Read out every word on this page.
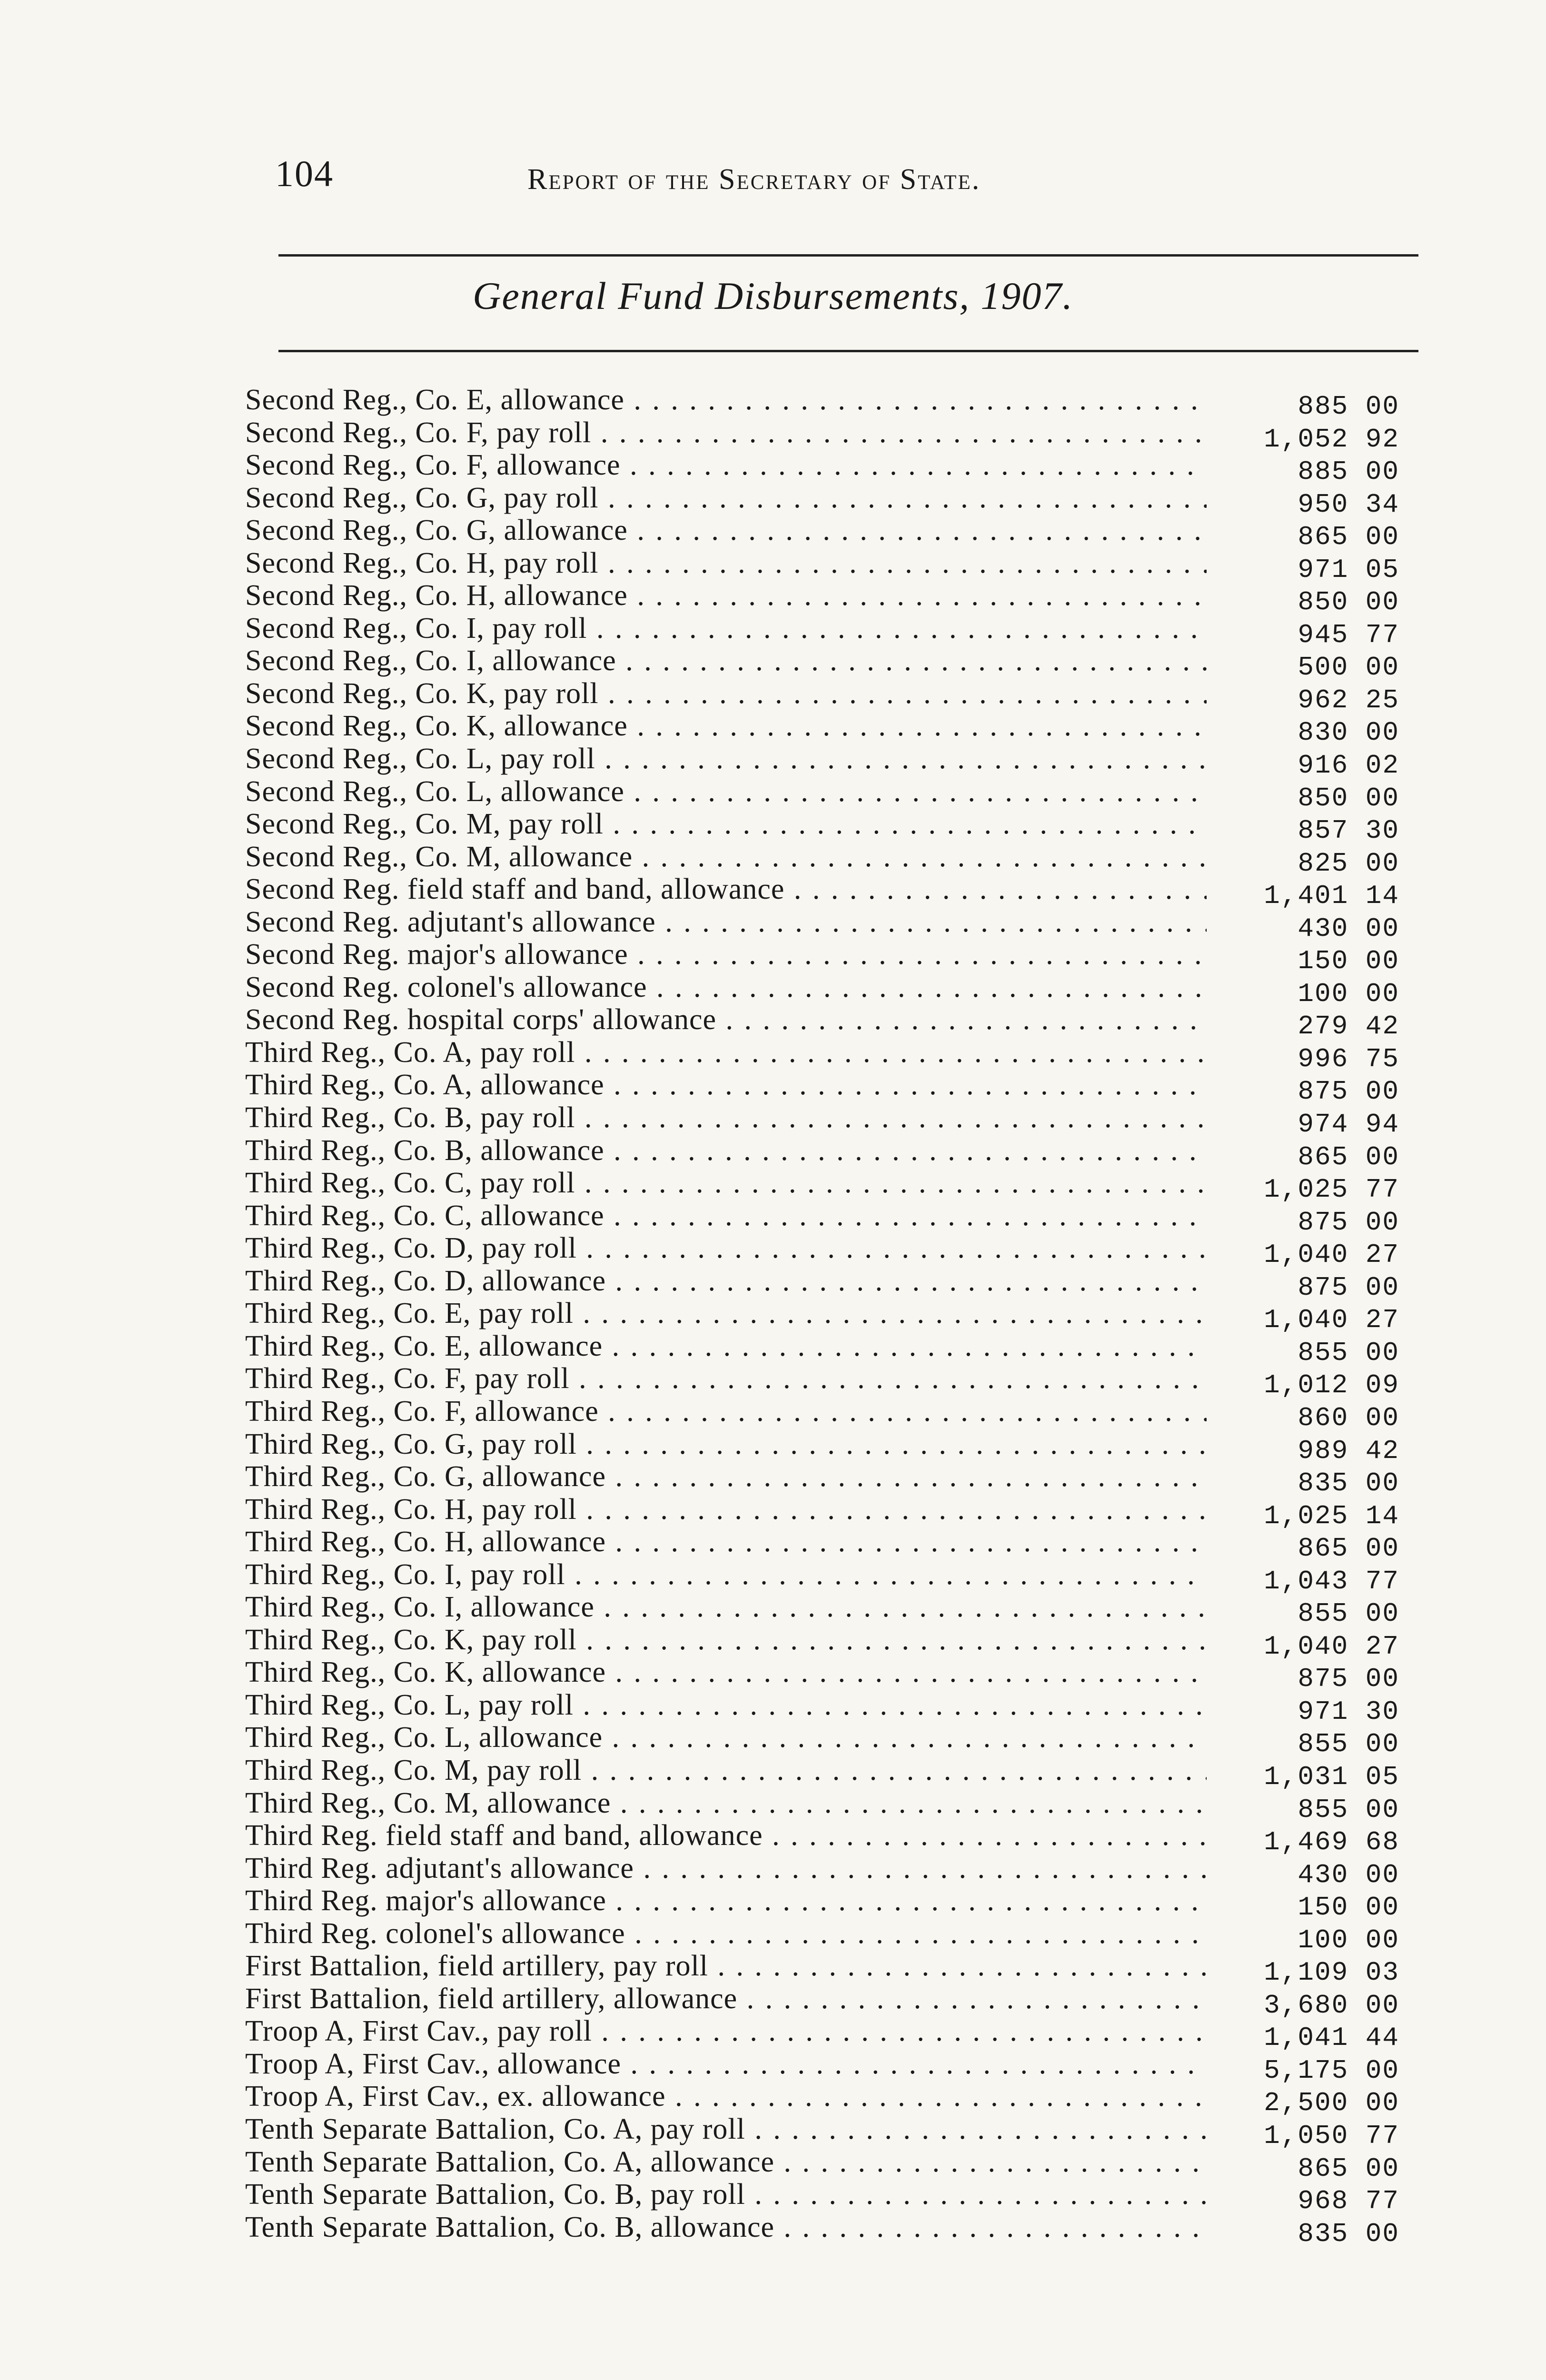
104	Report of the Secretary of State.
General Fund Disbursements, 1907.
Second Reg., Co. E, allowance . . .	885 00
Second Reg., Co. F, pay roll . . .	1,052 92
Second Reg., Co. F, allowance . . .	885 00
Second Reg., Co. G, pay roll . . .	950 34
Second Reg., Co. G, allowance . . .	865 00
Second Reg., Co. H, pay roll . . .	971 05
Second Reg., Co. H, allowance . . .	850 00
Second Reg., Co. I, pay roll . . .	945 77
Second Reg., Co. I, allowance . . .	500 00
Second Reg., Co. K, pay roll . . .	962 25
Second Reg., Co. K, allowance . . .	830 00
Second Reg., Co. L, pay roll . . .	916 02
Second Reg., Co. L, allowance . . .	850 00
Second Reg., Co. M, pay roll . . .	857 30
Second Reg., Co. M, allowance . . .	825 00
Second Reg. field staff and band, allowance . . .	1,401 14
Second Reg. adjutant's allowance . . .	430 00
Second Reg. major's allowance . . .	150 00
Second Reg. colonel's allowance . . .	100 00
Second Reg. hospital corps' allowance . . .	279 42
Third Reg., Co. A, pay roll . . .	996 75
Third Reg., Co. A, allowance . . .	875 00
Third Reg., Co. B, pay roll . . .	974 94
Third Reg., Co. B, allowance . . .	865 00
Third Reg., Co. C, pay roll . . .	1,025 77
Third Reg., Co. C, allowance . . .	875 00
Third Reg., Co. D, pay roll . . .	1,040 27
Third Reg., Co. D, allowance . . .	875 00
Third Reg., Co. E, pay roll . . .	1,040 27
Third Reg., Co. E, allowance . . .	855 00
Third Reg., Co. F, pay roll . . .	1,012 09
Third Reg., Co. F, allowance . . .	860 00
Third Reg., Co. G, pay roll . . .	989 42
Third Reg., Co. G, allowance . . .	835 00
Third Reg., Co. H, pay roll . . .	1,025 14
Third Reg., Co. H, allowance . . .	865 00
Third Reg., Co. I, pay roll . . .	1,043 77
Third Reg., Co. I, allowance . . .	855 00
Third Reg., Co. K, pay roll . . .	1,040 27
Third Reg., Co. K, allowance . . .	875 00
Third Reg., Co. L, pay roll . . .	971 30
Third Reg., Co. L, allowance . . .	855 00
Third Reg., Co. M, pay roll . . .	1,031 05
Third Reg., Co. M, allowance . . .	855 00
Third Reg. field staff and band, allowance . . .	1,469 68
Third Reg. adjutant's allowance . . .	430 00
Third Reg. major's allowance . . .	150 00
Third Reg. colonel's allowance . . .	100 00
First Battalion, field artillery, pay roll . . .	1,109 03
First Battalion, field artillery, allowance . . .	3,680 00
Troop A, First Cav., pay roll . . .	1,041 44
Troop A, First Cav., allowance . . .	5,175 00
Troop A, First Cav., ex. allowance . . .	2,500 00
Tenth Separate Battalion, Co. A, pay roll . . .	1,050 77
Tenth Separate Battalion, Co. A, allowance . . .	865 00
Tenth Separate Battalion, Co. B, pay roll . . .	968 77
Tenth Separate Battalion, Co. B, allowance . . .	835 00
